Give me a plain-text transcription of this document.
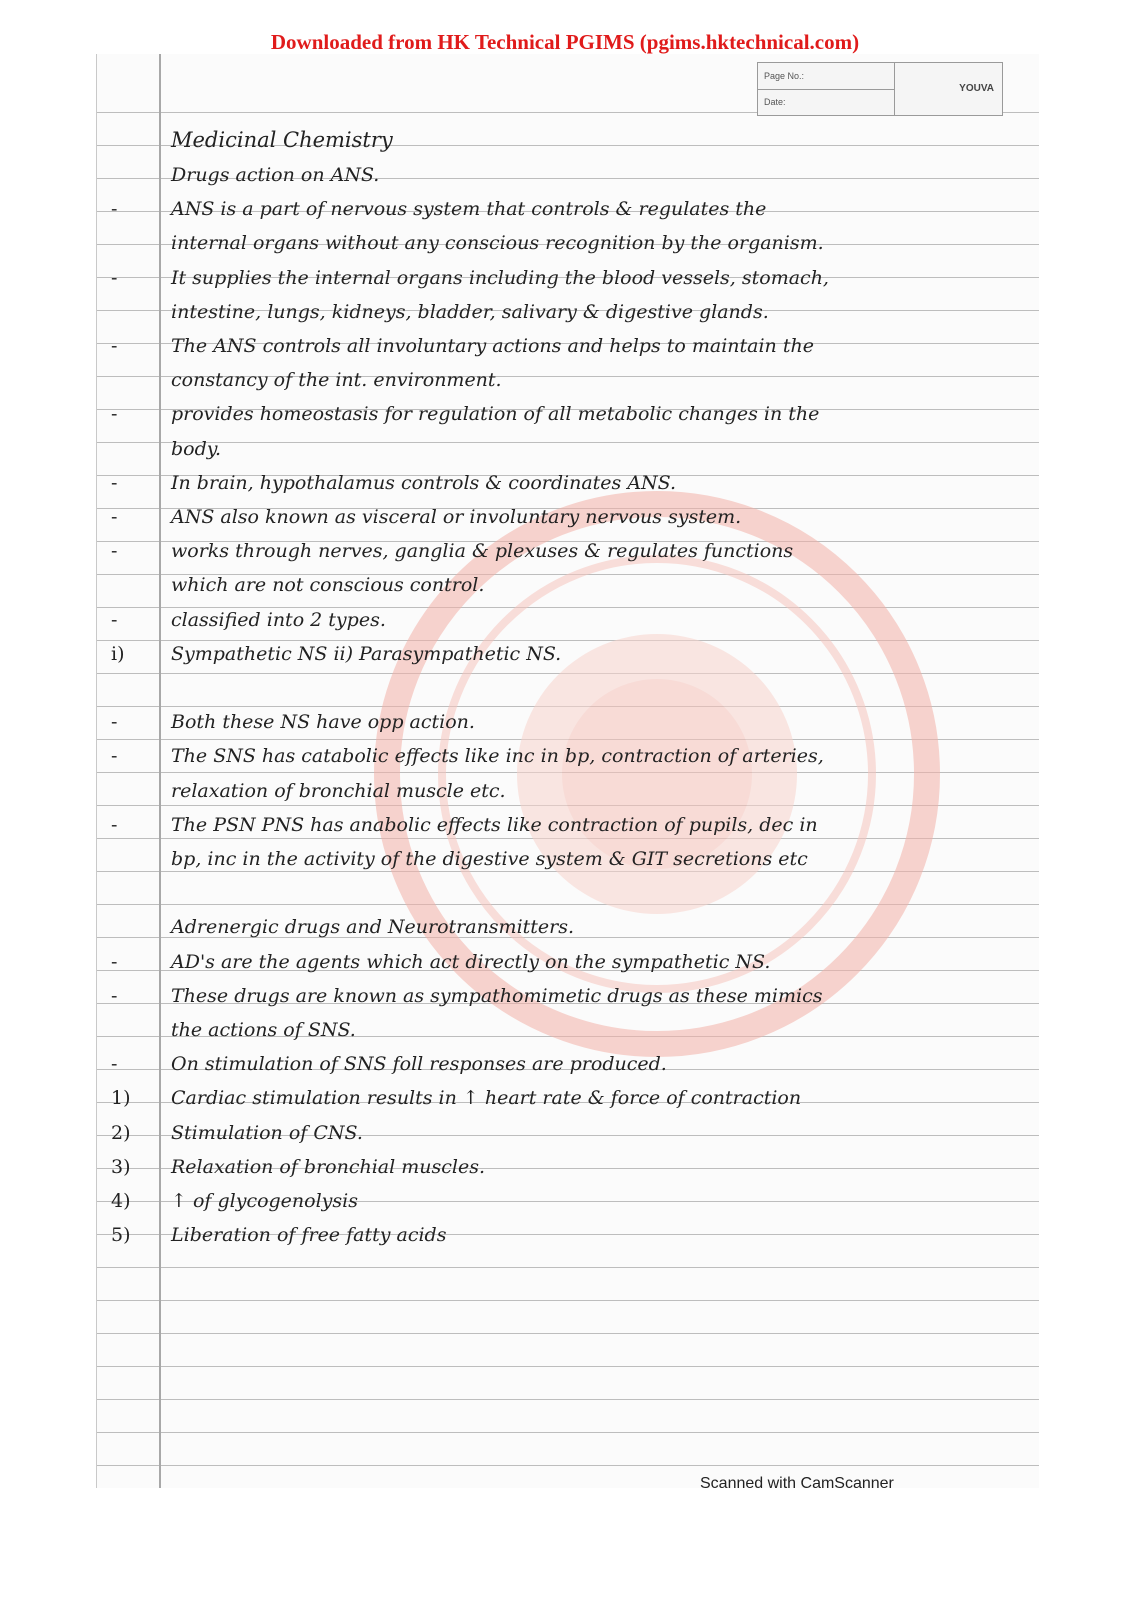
Downloaded from HK Technical PGIMS (pgims.hktechnical.com)
Page No.:
Date:
YOUVA
Medicinal Chemistry
Drugs action on ANS.
-	ANS is a part of nervous system that controls & regulates the
internal organs without any conscious recognition by the organism.
-	It supplies the internal organs including the blood vessels, stomach,
intestine, lungs, kidneys, bladder, salivary & digestive glands.
-	The ANS controls all involuntary actions and helps to maintain the
constancy of the int. environment.
-	provides homeostasis for regulation of all metabolic changes in the
body.
-	In brain, hypothalamus controls & coordinates ANS.
-	ANS also known as visceral or involuntary nervous system.
-	works through nerves, ganglia & plexuses & regulates functions
which are not conscious control.
-	classified into 2 types.
i)	Sympathetic NS ii) Parasympathetic NS.
-	Both these NS have opp action.
-	The SNS has catabolic effects like inc in bp, contraction of arteries,
relaxation of bronchial muscle etc.
-	The PSN PNS has anabolic effects like contraction of pupils, dec in
bp, inc in the activity of the digestive system & GIT secretions etc
Adrenergic drugs and Neurotransmitters.
-	AD's are the agents which act directly on the sympathetic NS.
-	These drugs are known as sympathomimetic drugs as these mimics
the actions of SNS.
-	On stimulation of SNS foll responses are produced.
1)	Cardiac stimulation results in ↑ heart rate & force of contraction
2)	Stimulation of CNS.
3)	Relaxation of bronchial muscles.
4)	↑ of glycogenolysis
5)	Liberation of free fatty acids
Scanned with CamScanner
